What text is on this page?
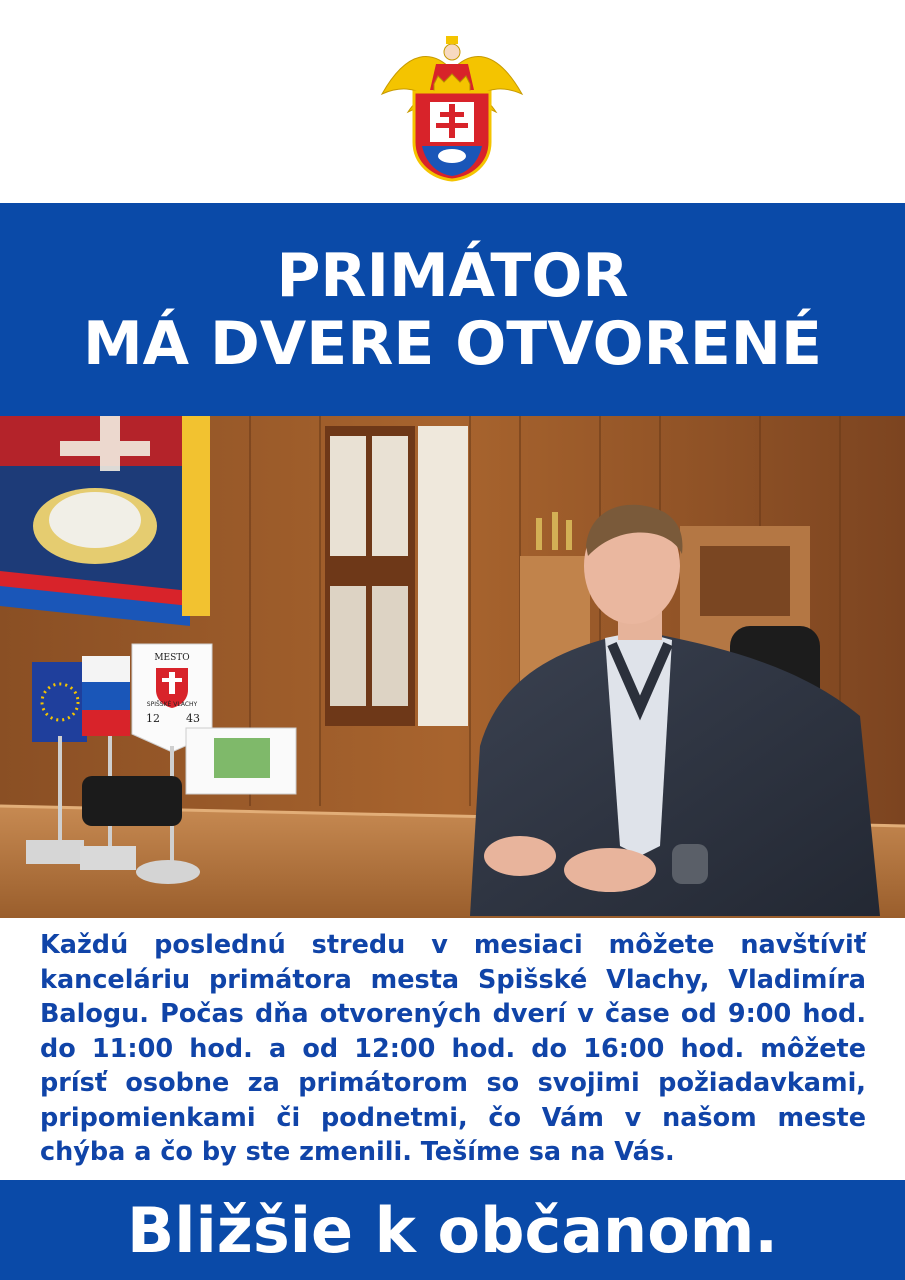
PRIMÁTOR
MÁ DVERE OTVORENÉ
MESTO
SPIŠSKÉ VLACHY
12 43
Každú poslednú stredu v mesiaci môžete navštíviť kanceláriu primátora mesta Spišské Vlachy, Vladimíra Balogu. Počas dňa otvorených dverí v čase od 9:00 hod. do 11:00 hod. a od 12:00 hod. do 16:00 hod. môžete prísť osobne za primátorom so svojimi požiadavkami, pripomienkami či podnetmi, čo Vám v našom meste chýba a čo by ste zmenili. Tešíme sa na Vás.
Bližšie k občanom.
